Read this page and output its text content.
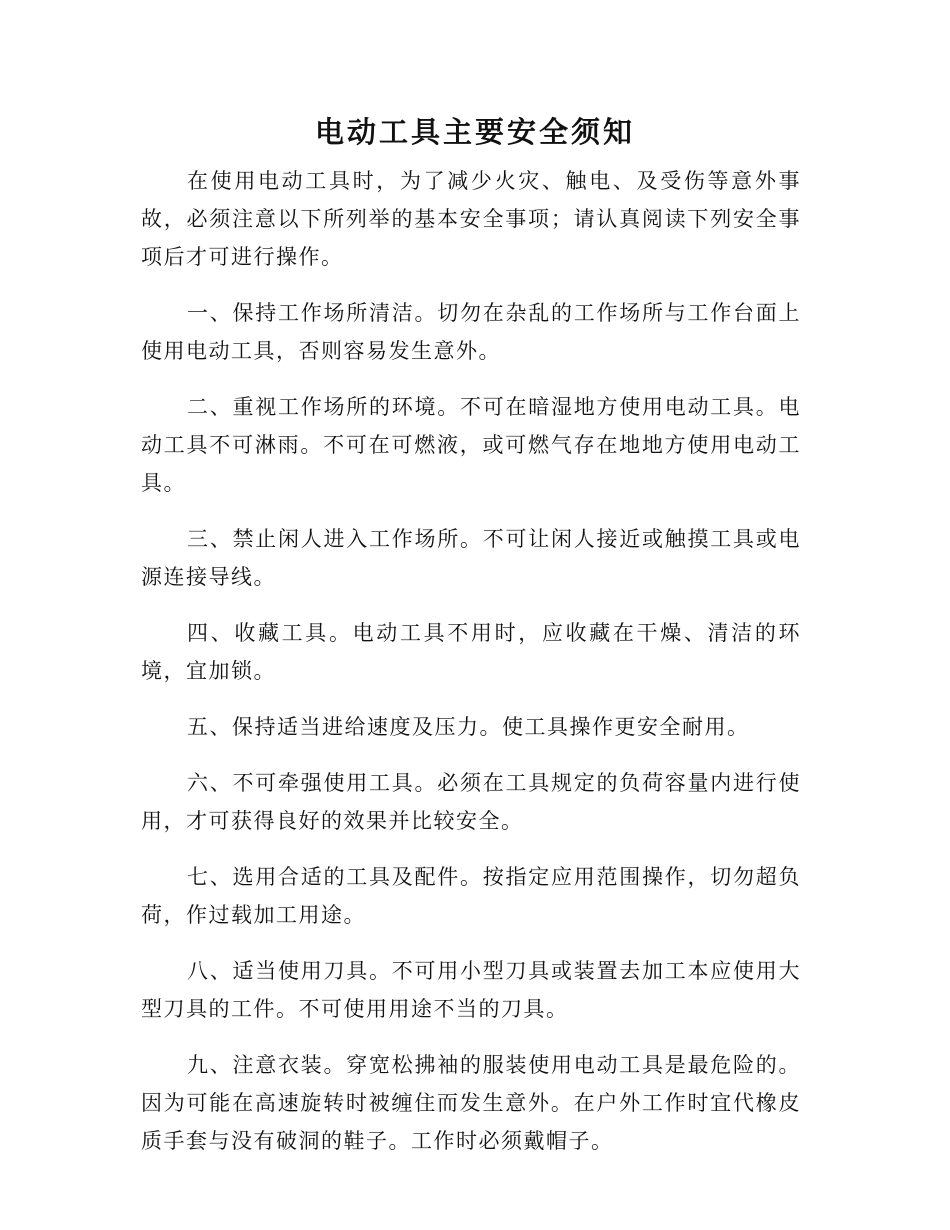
电动工具主要安全须知

在使用电动工具时，为了减少火灾、触电、及受伤等意外事故，必须注意以下所列举的基本安全事项；请认真阅读下列安全事项后才可进行操作。

一、保持工作场所清洁。切勿在杂乱的工作场所与工作台面上使用电动工具，否则容易发生意外。

二、重视工作场所的环境。不可在暗湿地方使用电动工具。电动工具不可淋雨。不可在可燃液，或可燃气存在地地方使用电动工具。

三、禁止闲人进入工作场所。不可让闲人接近或触摸工具或电源连接导线。

四、收藏工具。电动工具不用时，应收藏在干燥、清洁的环境，宜加锁。

五、保持适当进给速度及压力。使工具操作更安全耐用。

六、不可牵强使用工具。必须在工具规定的负荷容量内进行使用，才可获得良好的效果并比较安全。

七、选用合适的工具及配件。按指定应用范围操作，切勿超负荷，作过载加工用途。

八、适当使用刀具。不可用小型刀具或装置去加工本应使用大型刀具的工件。不可使用用途不当的刀具。

九、注意衣装。穿宽松拂袖的服装使用电动工具是最危险的。因为可能在高速旋转时被缠住而发生意外。在户外工作时宜代橡皮质手套与没有破洞的鞋子。工作时必须戴帽子。
